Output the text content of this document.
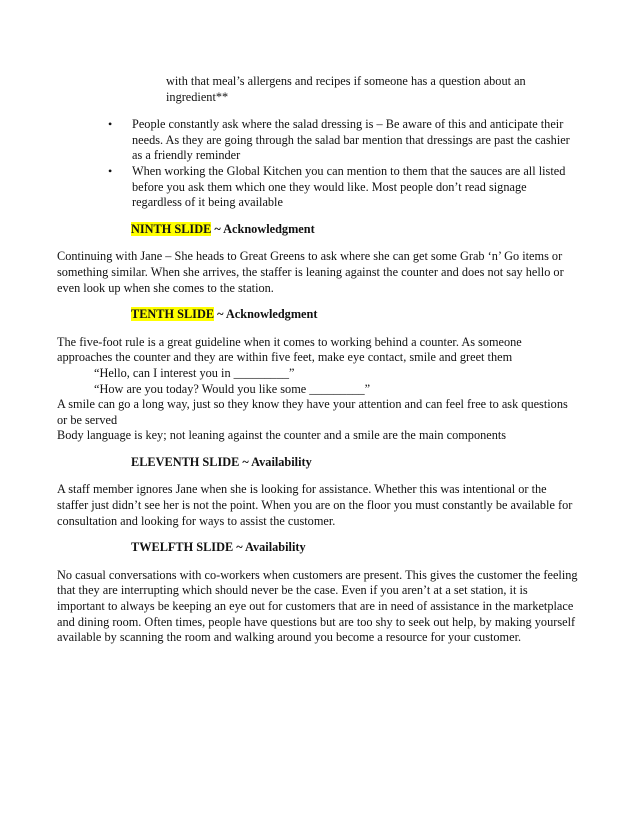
with that meal’s allergens and recipes if someone has a question about an ingredient**

• People constantly ask where the salad dressing is – Be aware of this and anticipate their needs. As they are going through the salad bar mention that dressings are past the cashier as a friendly reminder
• When working the Global Kitchen you can mention to them that the sauces are all listed before you ask them which one they would like. Most people don’t read signage regardless of it being available

NINTH SLIDE ~ Acknowledgment

Continuing with Jane – She heads to Great Greens to ask where she can get some Grab ‘n’ Go items or something similar. When she arrives, the staffer is leaning against the counter and does not say hello or even look up when she comes to the station.

TENTH SLIDE ~ Acknowledgment

The five-foot rule is a great guideline when it comes to working behind a counter. As someone approaches the counter and they are within five feet, make eye contact, smile and greet them

“Hello, can I interest you in _________”

“How are you today? Would you like some _________”

A smile can go a long way, just so they know they have your attention and can feel free to ask questions or be served

Body language is key; not leaning against the counter and a smile are the main components

ELEVENTH SLIDE ~ Availability

A staff member ignores Jane when she is looking for assistance. Whether this was intentional or the staffer just didn’t see her is not the point. When you are on the floor you must constantly be available for consultation and looking for ways to assist the customer.

TWELFTH SLIDE ~ Availability

No casual conversations with co-workers when customers are present. This gives the customer the feeling that they are interrupting which should never be the case. Even if you aren’t at a set station, it is important to always be keeping an eye out for customers that are in need of assistance in the marketplace and dining room. Often times, people have questions but are too shy to seek out help, by making yourself available by scanning the room and walking around you become a resource for your customer.
